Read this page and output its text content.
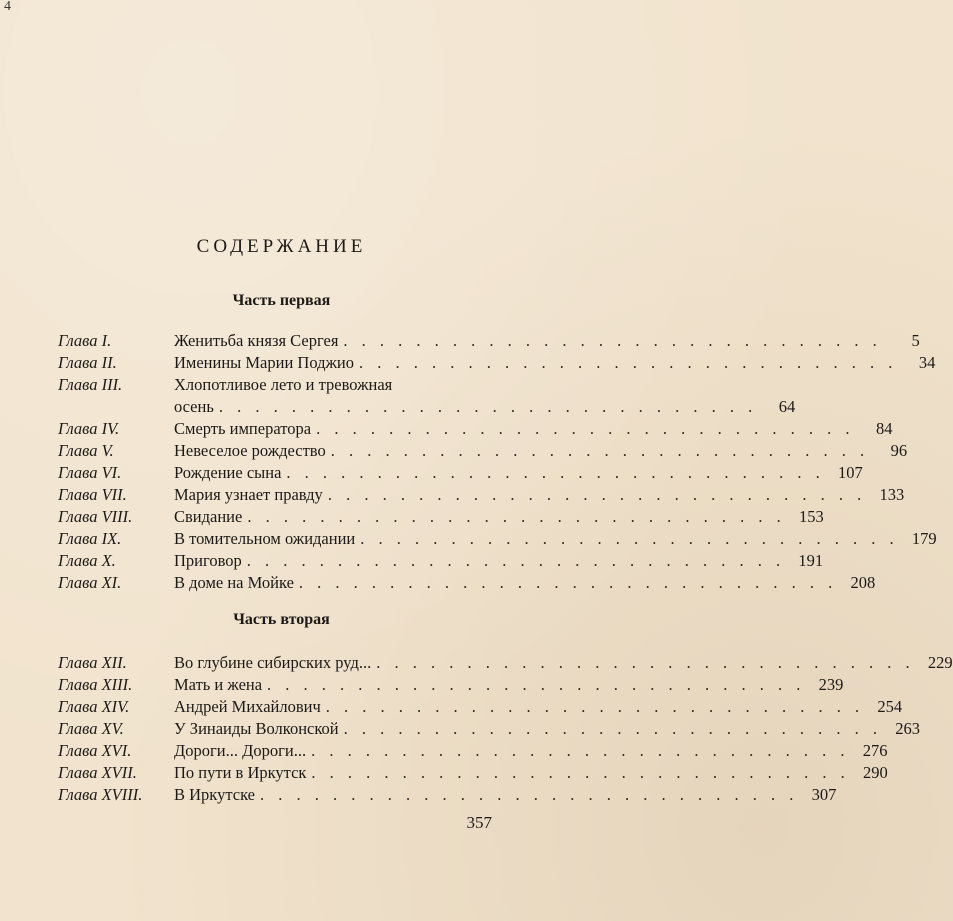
4
СОДЕРЖАНИЕ
Часть первая
Глава I.	Женитьба князя Сергея . . .	5
Глава II.	Именины Марии Поджио . . .	34
Глава III.	Хлопотливое лето и тревожная
осень . . .	64
Глава IV.	Смерть императора . . .	84
Глава V.	Невеселое рождество . . .	96
Глава VI.	Рождение сына . . .	107
Глава VII.	Мария узнает правду . . .	133
Глава VIII.	Свидание . . .	153
Глава IX.	В томительном ожидании . . .	179
Глава X.	Приговор . . .	191
Глава XI.	В доме на Мойке . . .	208
Часть вторая
Глава XII.	Во глубине сибирских руд... . . .	229
Глава XIII.	Мать и жена . . .	239
Глава XIV.	Андрей Михайлович . . .	254
Глава XV.	У Зинаиды Волконской . . .	263
Глава XVI.	Дороги... Дороги... . . .	276
Глава XVII.	По пути в Иркутск . . .	290
Глава XVIII.	В Иркутске . . .	307
357
